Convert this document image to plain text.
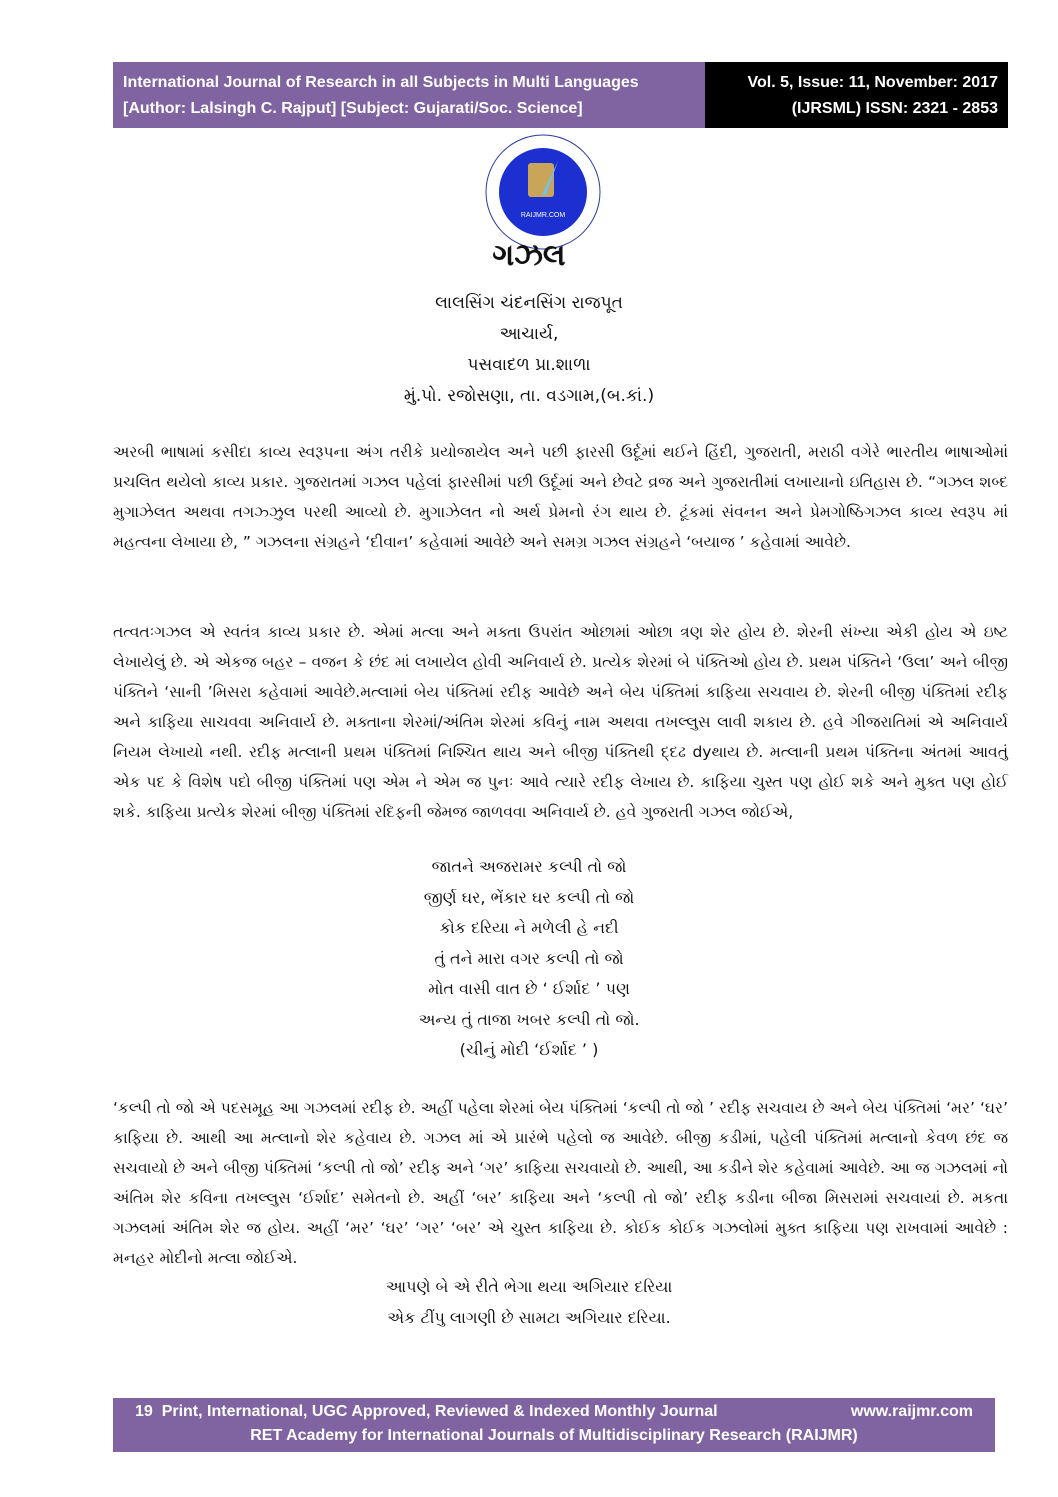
International Journal of Research in all Subjects in Multi Languages
[Author: Lalsingh C. Rajput] [Subject: Gujarati/Soc. Science]
Vol. 5, Issue: 11, November: 2017
(IJRSML) ISSN: 2321 - 2853
RAIJMR.COM
ગઝલ
લાલસિંગ ચંદનસિંગ રાજપૂત
આચાર્ય,
પસવાદળ પ્રા.શાળા
મું.પો. રજોસણા, તા. વડગામ,(બ.કાં.)
અરબી ભાષામાં કસીદા કાવ્ય સ્વરૂપના અંગ તરીકે પ્રયોજાયેલ અને પછી ફારસી ઉર્દૂમાં થઈને હિંદી, ગુજરાતી, મરાઠી વગેરે ભારતીય ભાષાઓમાં પ્રચલિત થયેલો કાવ્ય પ્રકાર. ગુજરાતમાં ગઝલ પહેલાં ફારસીમાં પછી ઉર્દૂમાં અને છેવટે વ્રજ અને ગુજરાતીમાં લખાયાનો ઇતિહાસ છે. “ગઝલ શબ્દ મુગાઝેલત અથવા તગઝ્ઝુલ પરથી આવ્યો છે. મુગાઝેલત નો અર્થ પ્રેમનો રંગ થાય છે. ટૂંકમાં સંવનન અને પ્રેમગોષ્ઠિગઝલ કાવ્ય સ્વરૂપ માં મહત્વના લેખાયા છે, ” ગઝલના સંગ્રહને ‘દીવાન’ કહેવામાં આવેછે અને સમગ્ર ગઝલ સંગ્રહને ‘બયાજ ’ કહેવામાં આવેછે.
તત્વતઃગઝલ એ સ્વતંત્ર કાવ્ય પ્રકાર છે. એમાં મત્લા અને મક્તા ઉપરાંત ઓછામાં ઓછા ત્રણ શેર હોય છે. શેરની સંખ્યા એકી હોય એ ઇષ્ટ લેખાયેલું છે. એ એકજ બહર – વજન કે છંદ માં લખાયેલ હોવી અનિવાર્ય છે. પ્રત્યેક શેરમાં બે પંક્તિઓ હોય છે. પ્રથમ પંક્તિને ‘ઉલા’ અને બીજી પંક્તિને ‘સાની ’મિસરા કહેવામાં આવેછે.મત્લામાં બેય પંક્તિમાં રદીફ આવેછે અને બેય પંક્તિમાં કાફિયા સચવાય છે. શેરની બીજી પંક્તિમાં રદીફ અને કાફિયા સાચવવા અનિવાર્ય છે. મક્તાના શેરમાં/અંતિમ શેરમાં કવિનું નામ અથવા તખલ્લુસ લાવી શકાય છે. હવે ગીજરાતિમાં એ અનિવાર્ય નિયમ લેખાયો નથી. રદીફ મત્લાની પ્રથમ પંક્તિમાં નિશ્ચિત થાય અને બીજી પંક્તિથી દ્દઢ dyથાય છે. મત્લાની પ્રથમ પંક્તિના અંતમાં આવતું એક પદ કે વિશેષ પદો બીજી પંક્તિમાં પણ એમ ને એમ જ પુનઃ આવે ત્યારે રદીફ લેખાય છે. કાફિયા ચુસ્ત પણ હોઈ શકે અને મુક્ત પણ હોઈ શકે. કાફિયા પ્રત્યેક શેરમાં બીજી પંક્તિમાં રદિફની જેમજ જાળવવા અનિવાર્ય છે. હવે ગુજરાતી ગઝલ જોઈએ,
જાતને અજરામર કલ્પી તો જો
જીર્ણ ઘર, ભેંકાર ઘર કલ્પી તો જો
કોક દરિયા ને મળેલી હે નદી
તું તને મારા વગર કલ્પી તો જો
મોત વાસી વાત છે ‘ ઈર્શાદ ’ પણ
અન્ય તું તાજા ખબર કલ્પી તો જો.
(ચીનું મોદી ‘ઈર્શાદ ’ )
‘કલ્પી તો જો એ પદસમૂહ આ ગઝલમાં રદીફ છે. અહીં પહેલા શેરમાં બેય પંક્તિમાં ‘કલ્પી તો જો ’ રદીફ સચવાય છે અને બેય પંક્તિમાં ‘મર’ ‘ઘર’ કાફિયા છે. આથી આ મત્લાનો શેર કહેવાય છે. ગઝલ માં એ પ્રારંભે પહેલો જ આવેછે. બીજી કડીમાં, પહેલી પંક્તિમાં મત્લાનો કેવળ છંદ જ સચવાયો છે અને બીજી પંક્તિમાં ‘કલ્પી તો જો’ રદીફ અને ‘ગર’ કાફિયા સચવાયો છે. આથી, આ કડીને શેર કહેવામાં આવેછે. આ જ ગઝલમાં નો અંતિમ શેર કવિના તખલ્લુસ ‘ઈર્શાદ’ સમેતનો છે. અહીં ‘બર’ કાફિયા અને ‘કલ્પી તો જો’ રદીફ કડીના બીજા મિસરામાં સચવાયાં છે. મકતા ગઝલમાં અંતિમ શેર જ હોય. અહીં ‘મર’ ‘ઘર’ ‘ગર’ ‘બર’ એ ચુસ્ત કાફિયા છે. કોઈક કોઈક ગઝલોમાં મુક્ત કાફિયા પણ રાખવામાં આવેછે : મનહર મોદીનો મત્લા જોઈએ.
આપણે બે એ રીતે ભેગા થયા અગિયાર દરિયા
એક ટીંપુ લાગણી છે સામટા અગિયાર દરિયા.
19 Print, International, UGC Approved, Reviewed & Indexed Monthly Journal	www.raijmr.com
RET Academy for International Journals of Multidisciplinary Research (RAIJMR)
